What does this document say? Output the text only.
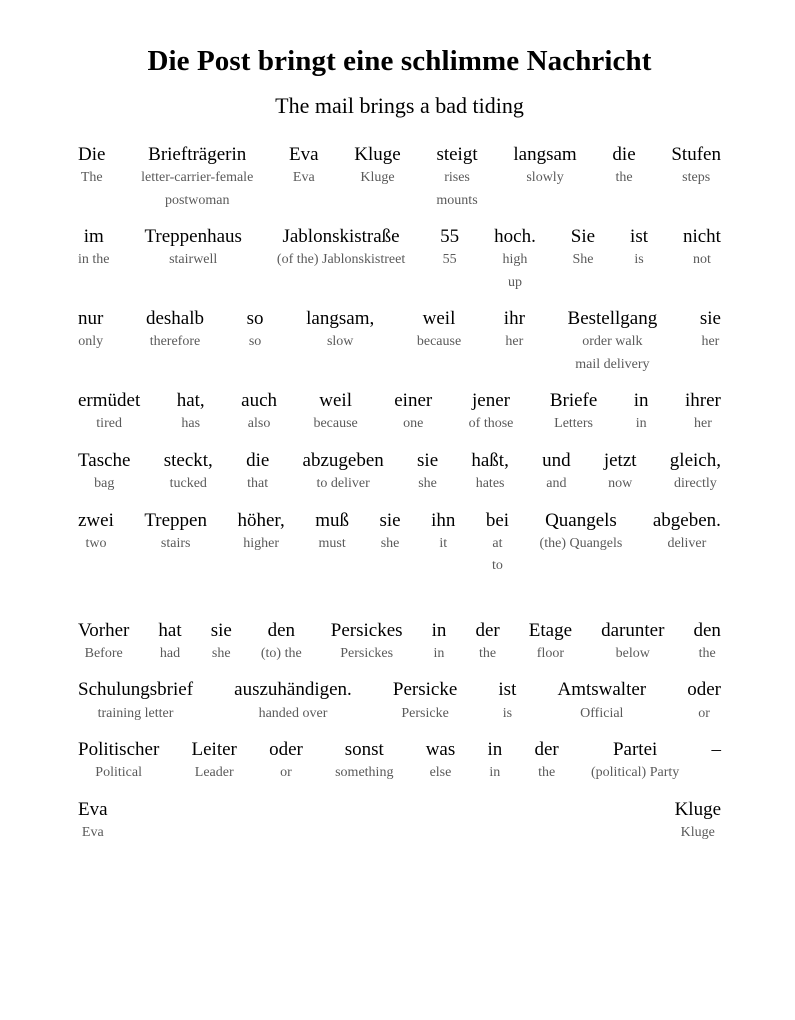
Die Post bringt eine schlimme Nachricht
The mail brings a bad tiding
Die
The
Briefträgerin
letter-carrier-female
postwoman
Eva
Eva
Kluge
Kluge
steigt
rises
mounts
langsam
slowly
die
the
Stufen
steps
im
in the
Treppenhaus
stairwell
Jablonskistraße
(of the) Jablonskistreet
55
55
hoch.
high
up
Sie
She
ist
is
nicht
not
nur
only
deshalb
therefore
so
so
langsam,
slow
weil
because
ihr
her
Bestellgang
order walk
mail delivery
sie
her
ermüdet
tired
hat,
has
auch
also
weil
because
einer
one
jener
of those
Briefe
Letters
in
in
ihrer
her
Tasche
bag
steckt,
tucked
die
that
abzugeben
to deliver
sie
she
haßt,
hates
und
and
jetzt
now
gleich,
directly
zwei
two
Treppen
stairs
höher,
higher
muß
must
sie
she
ihn
it
bei
at
to
Quangels
(the) Quangels
abgeben.
deliver
Vorher
Before
hat
had
sie
she
den
(to) the
Persickes
Persickes
in
in
der
the
Etage
floor
darunter
below
den
the
Schulungsbrief
training letter
auszuhändigen.
handed over
Persicke
Persicke
ist
is
Amtswalter
Official
oder
or
Politischer
Political
Leiter
Leader
oder
or
sonst
something
was
else
in
in
der
the
Partei
(political) Party
–
Eva
Eva
Kluge
Kluge
